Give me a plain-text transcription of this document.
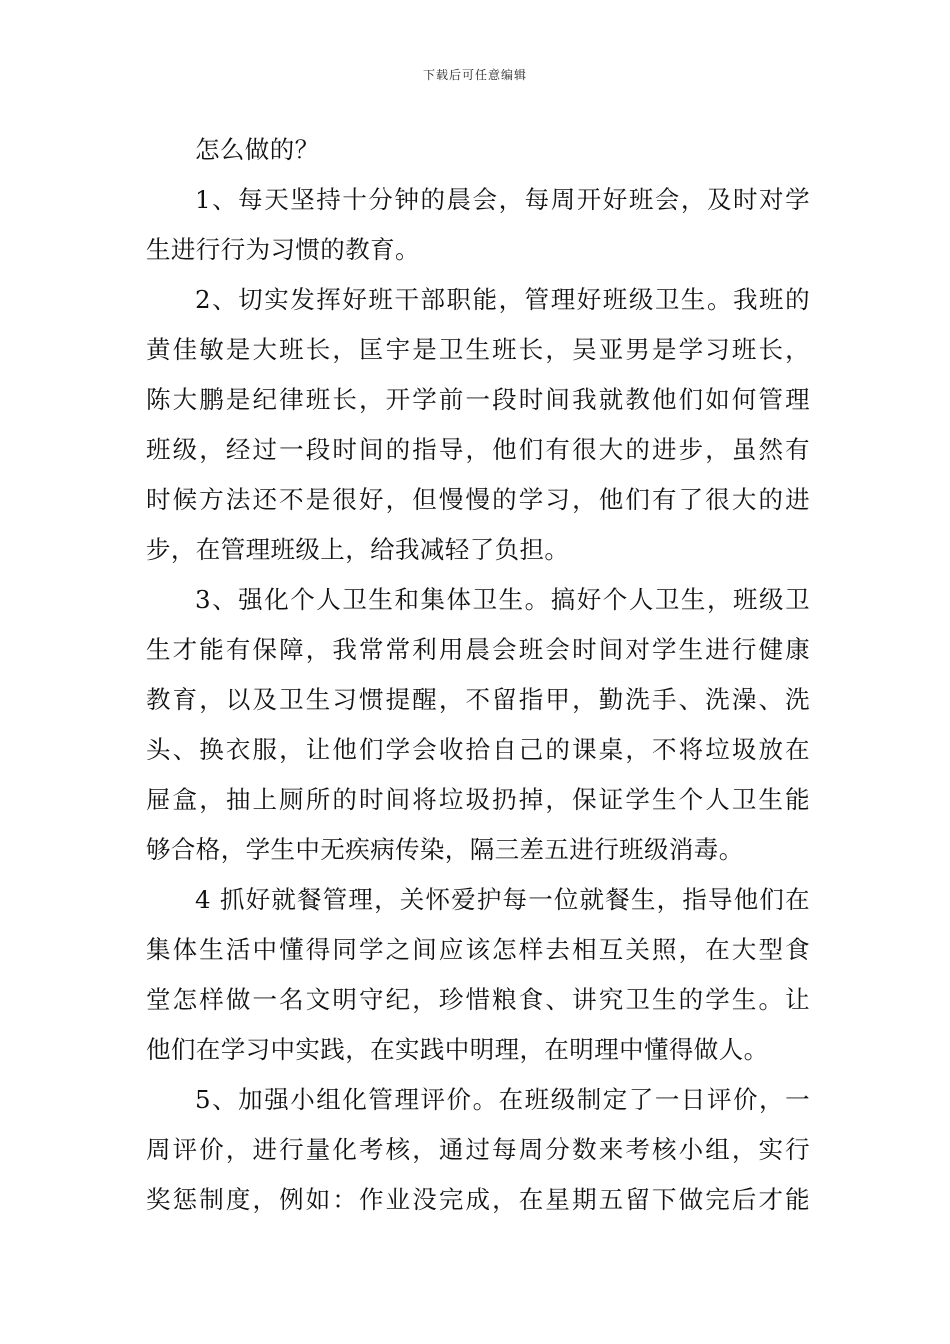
下载后可任意编辑
怎么做的？
1、每天坚持十分钟的晨会，每周开好班会，及时对学
生进行行为习惯的教育。
2、切实发挥好班干部职能，管理好班级卫生。我班的
黄佳敏是大班长，匡宇是卫生班长，吴亚男是学习班长，
陈大鹏是纪律班长，开学前一段时间我就教他们如何管理
班级，经过一段时间的指导，他们有很大的进步，虽然有
时候方法还不是很好，但慢慢的学习，他们有了很大的进
步，在管理班级上，给我减轻了负担。
3、强化个人卫生和集体卫生。搞好个人卫生，班级卫
生才能有保障，我常常利用晨会班会时间对学生进行健康
教育，以及卫生习惯提醒，不留指甲，勤洗手、洗澡、洗
头、换衣服，让他们学会收拾自己的课桌，不将垃圾放在
屉盒，抽上厕所的时间将垃圾扔掉，保证学生个人卫生能
够合格，学生中无疾病传染，隔三差五进行班级消毒。
4 抓好就餐管理，关怀爱护每一位就餐生，指导他们在
集体生活中懂得同学之间应该怎样去相互关照，在大型食
堂怎样做一名文明守纪，珍惜粮食、讲究卫生的学生。让
他们在学习中实践，在实践中明理，在明理中懂得做人。
5、加强小组化管理评价。在班级制定了一日评价，一
周评价，进行量化考核，通过每周分数来考核小组，实行
奖惩制度，例如：作业没完成，在星期五留下做完后才能
